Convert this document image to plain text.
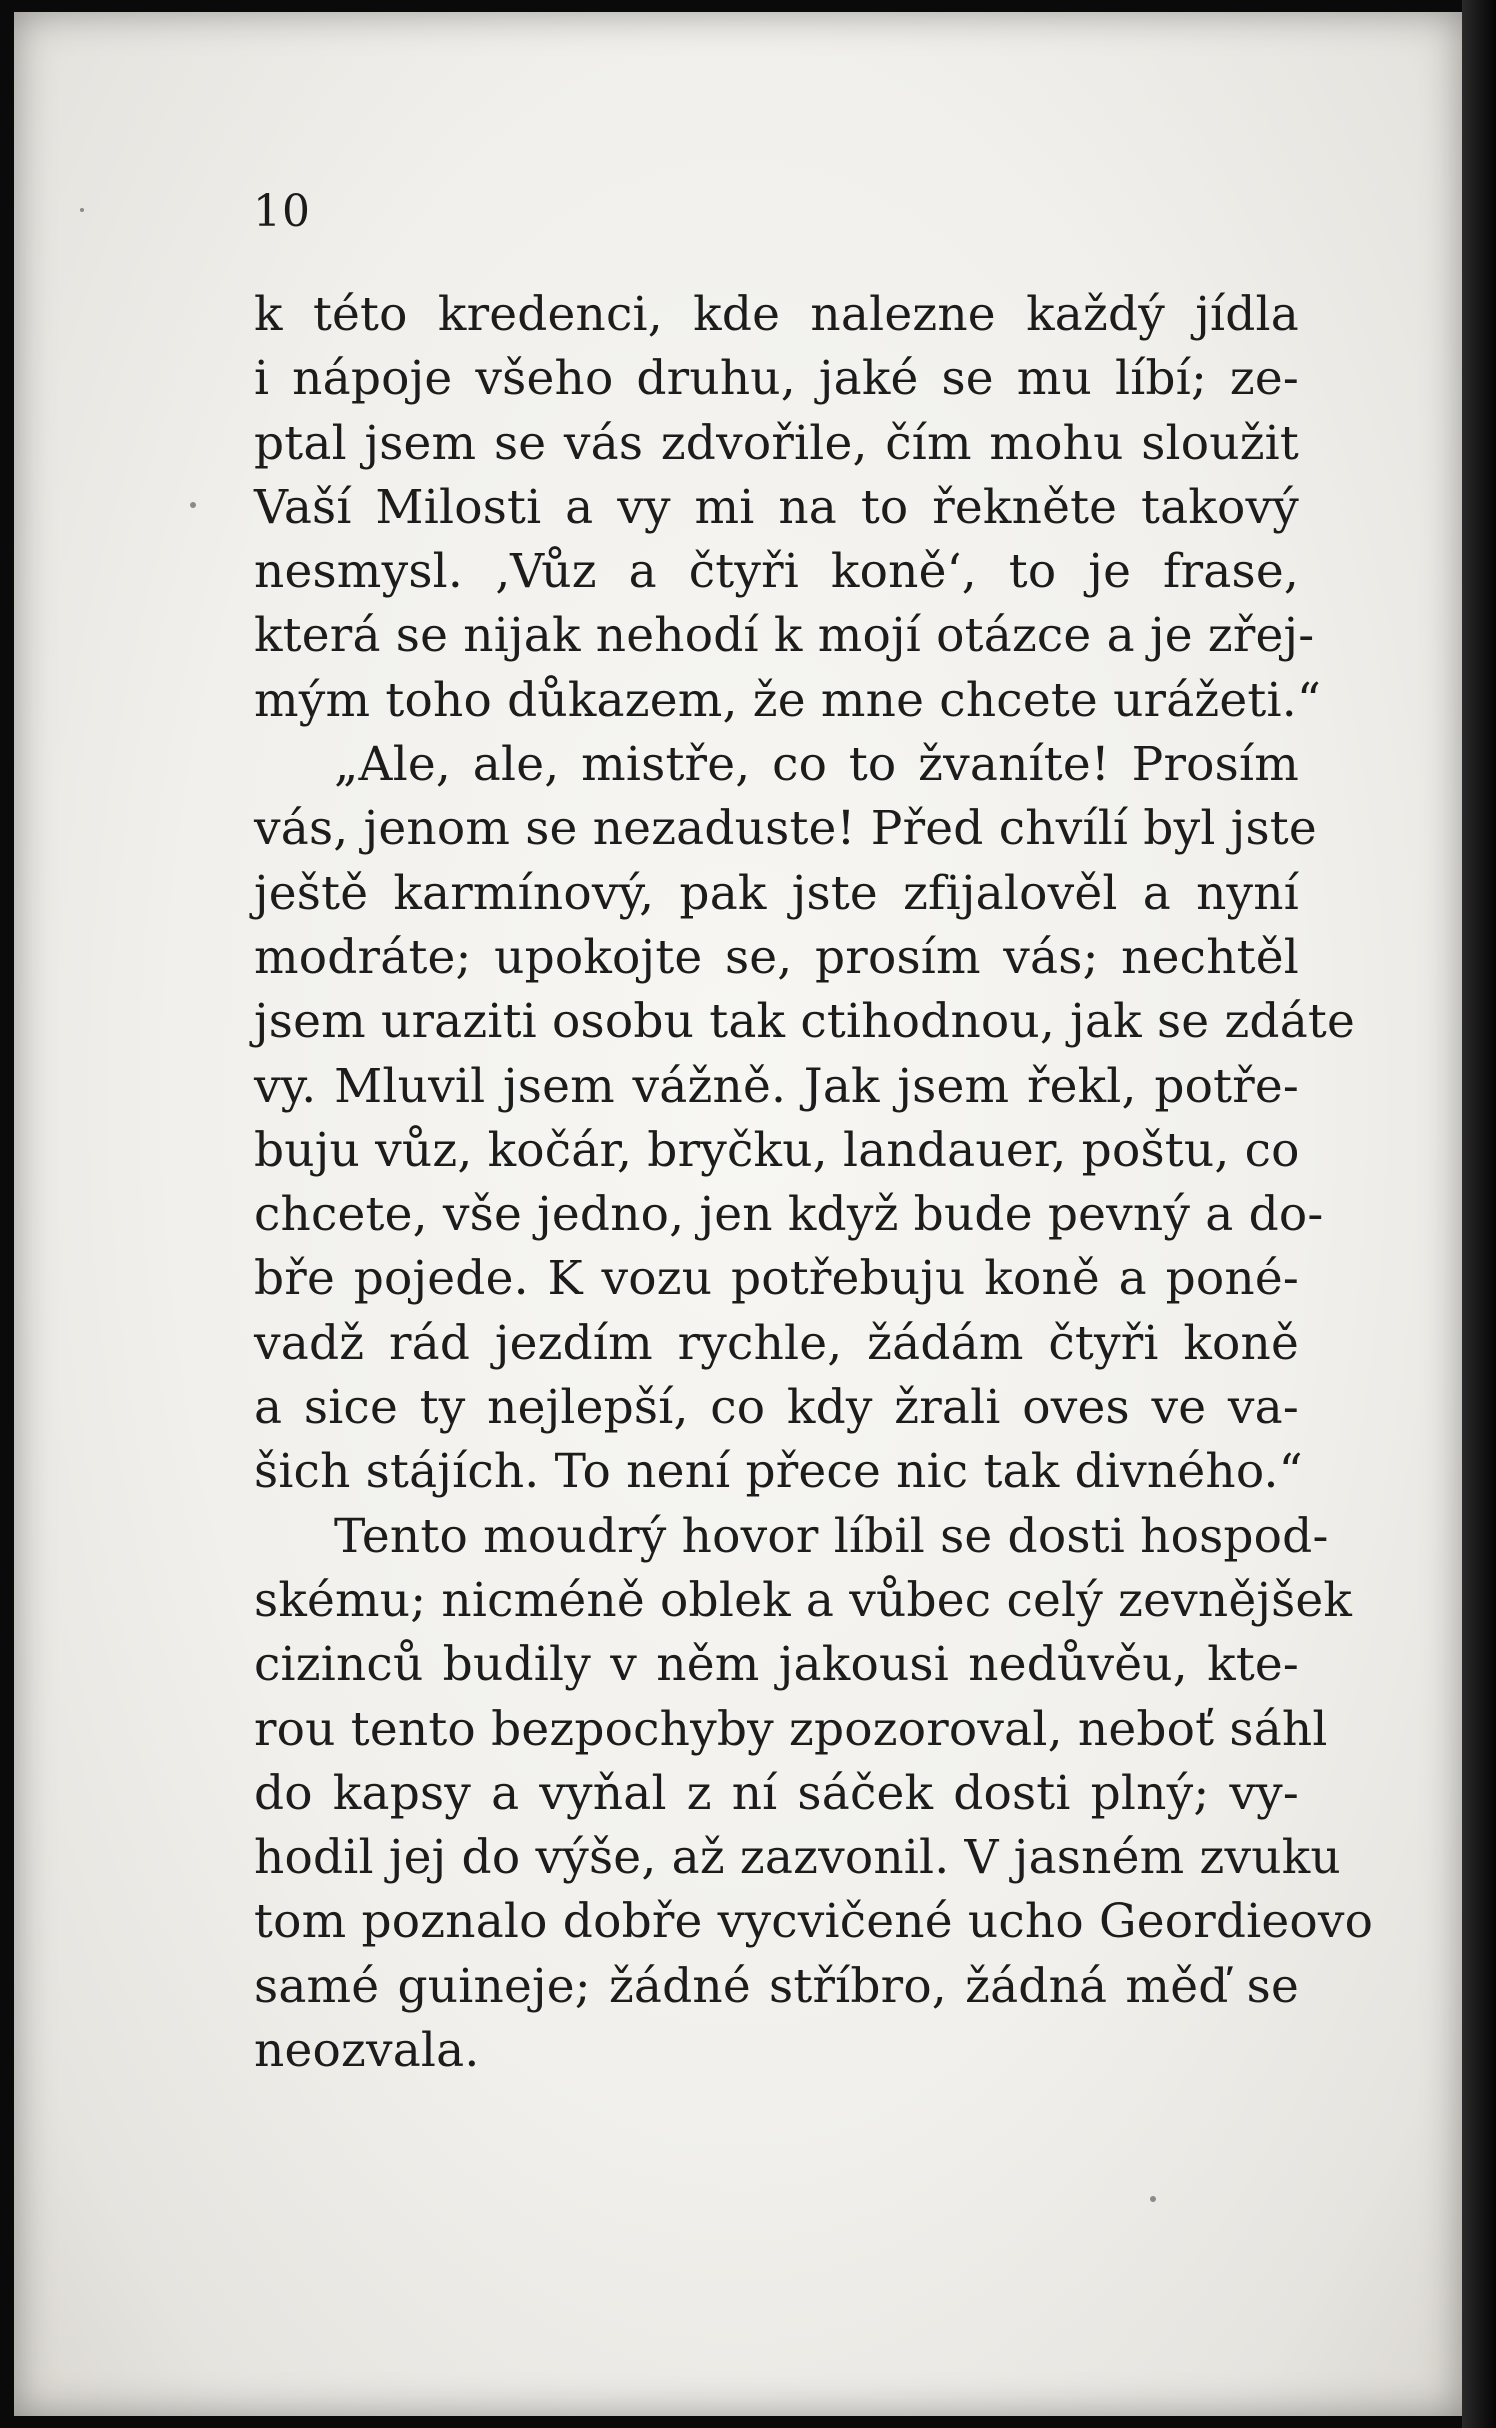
10
k této kredenci, kde nalezne každý jídla
i nápoje všeho druhu, jaké se mu líbí; ze-
ptal jsem se vás zdvořile, čím mohu sloužit
Vaší Milosti a vy mi na to řekněte takový
nesmysl. ‚Vůz a čtyři koně‘, to je frase,
která se nijak nehodí k mojí otázce a je zřej-
mým toho důkazem, že mne chcete urážeti.“
„Ale, ale, mistře, co to žvaníte! Prosím
vás, jenom se nezaduste! Před chvílí byl jste
ještě karmínový, pak jste zfijalověl a nyní
modráte; upokojte se, prosím vás; nechtěl
jsem uraziti osobu tak ctihodnou, jak se zdáte
vy. Mluvil jsem vážně. Jak jsem řekl, potře-
buju vůz, kočár, bryčku, landauer, poštu, co
chcete, vše jedno, jen když bude pevný a do-
bře pojede. K vozu potřebuju koně a poné-
vadž rád jezdím rychle, žádám čtyři koně
a sice ty nejlepší, co kdy žrali oves ve va-
šich stájích. To není přece nic tak divného.“
Tento moudrý hovor líbil se dosti hospod-
skému; nicméně oblek a vůbec celý zevnějšek
cizinců budily v něm jakousi nedůvěu, kte-
rou tento bezpochyby zpozoroval, neboť sáhl
do kapsy a vyňal z ní sáček dosti plný; vy-
hodil jej do výše, až zazvonil. V jasném zvuku
tom poznalo dobře vycvičené ucho Geordieovo
samé guineje; žádné stříbro, žádná měď se
neozvala.
